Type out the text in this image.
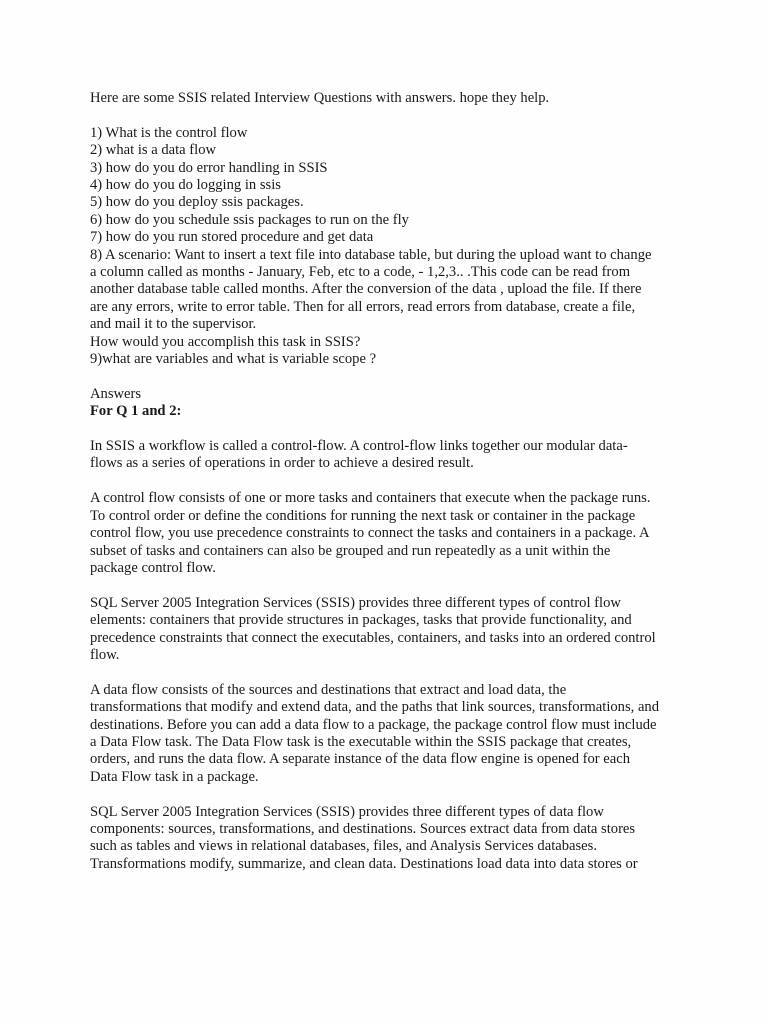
Here are some SSIS related Interview Questions with answers. hope they help.

1) What is the control flow
2) what is a data flow
3) how do you do error handling in SSIS
4) how do you do logging in ssis
5) how do you deploy ssis packages.
6) how do you schedule ssis packages to run on the fly
7) how do you run stored procedure and get data
8) A scenario: Want to insert a text file into database table, but during the upload want to change
a column called as months - January, Feb, etc to a code, - 1,2,3.. .This code can be read from
another database table called months. After the conversion of the data , upload the file. If there
are any errors, write to error table. Then for all errors, read errors from database, create a file,
and mail it to the supervisor.
How would you accomplish this task in SSIS?
9)what are variables and what is variable scope ?
Answers
For Q 1 and 2:
In SSIS a workflow is called a control-flow. A control-flow links together our modular data-
flows as a series of operations in order to achieve a desired result.
A control flow consists of one or more tasks and containers that execute when the package runs.
To control order or define the conditions for running the next task or container in the package
control flow, you use precedence constraints to connect the tasks and containers in a package. A
subset of tasks and containers can also be grouped and run repeatedly as a unit within the
package control flow.
SQL Server 2005 Integration Services (SSIS) provides three different types of control flow
elements: containers that provide structures in packages, tasks that provide functionality, and
precedence constraints that connect the executables, containers, and tasks into an ordered control
flow.
A data flow consists of the sources and destinations that extract and load data, the
transformations that modify and extend data, and the paths that link sources, transformations, and
destinations. Before you can add a data flow to a package, the package control flow must include
a Data Flow task. The Data Flow task is the executable within the SSIS package that creates,
orders, and runs the data flow. A separate instance of the data flow engine is opened for each
Data Flow task in a package.
SQL Server 2005 Integration Services (SSIS) provides three different types of data flow
components: sources, transformations, and destinations. Sources extract data from data stores
such as tables and views in relational databases, files, and Analysis Services databases.
Transformations modify, summarize, and clean data. Destinations load data into data stores or
